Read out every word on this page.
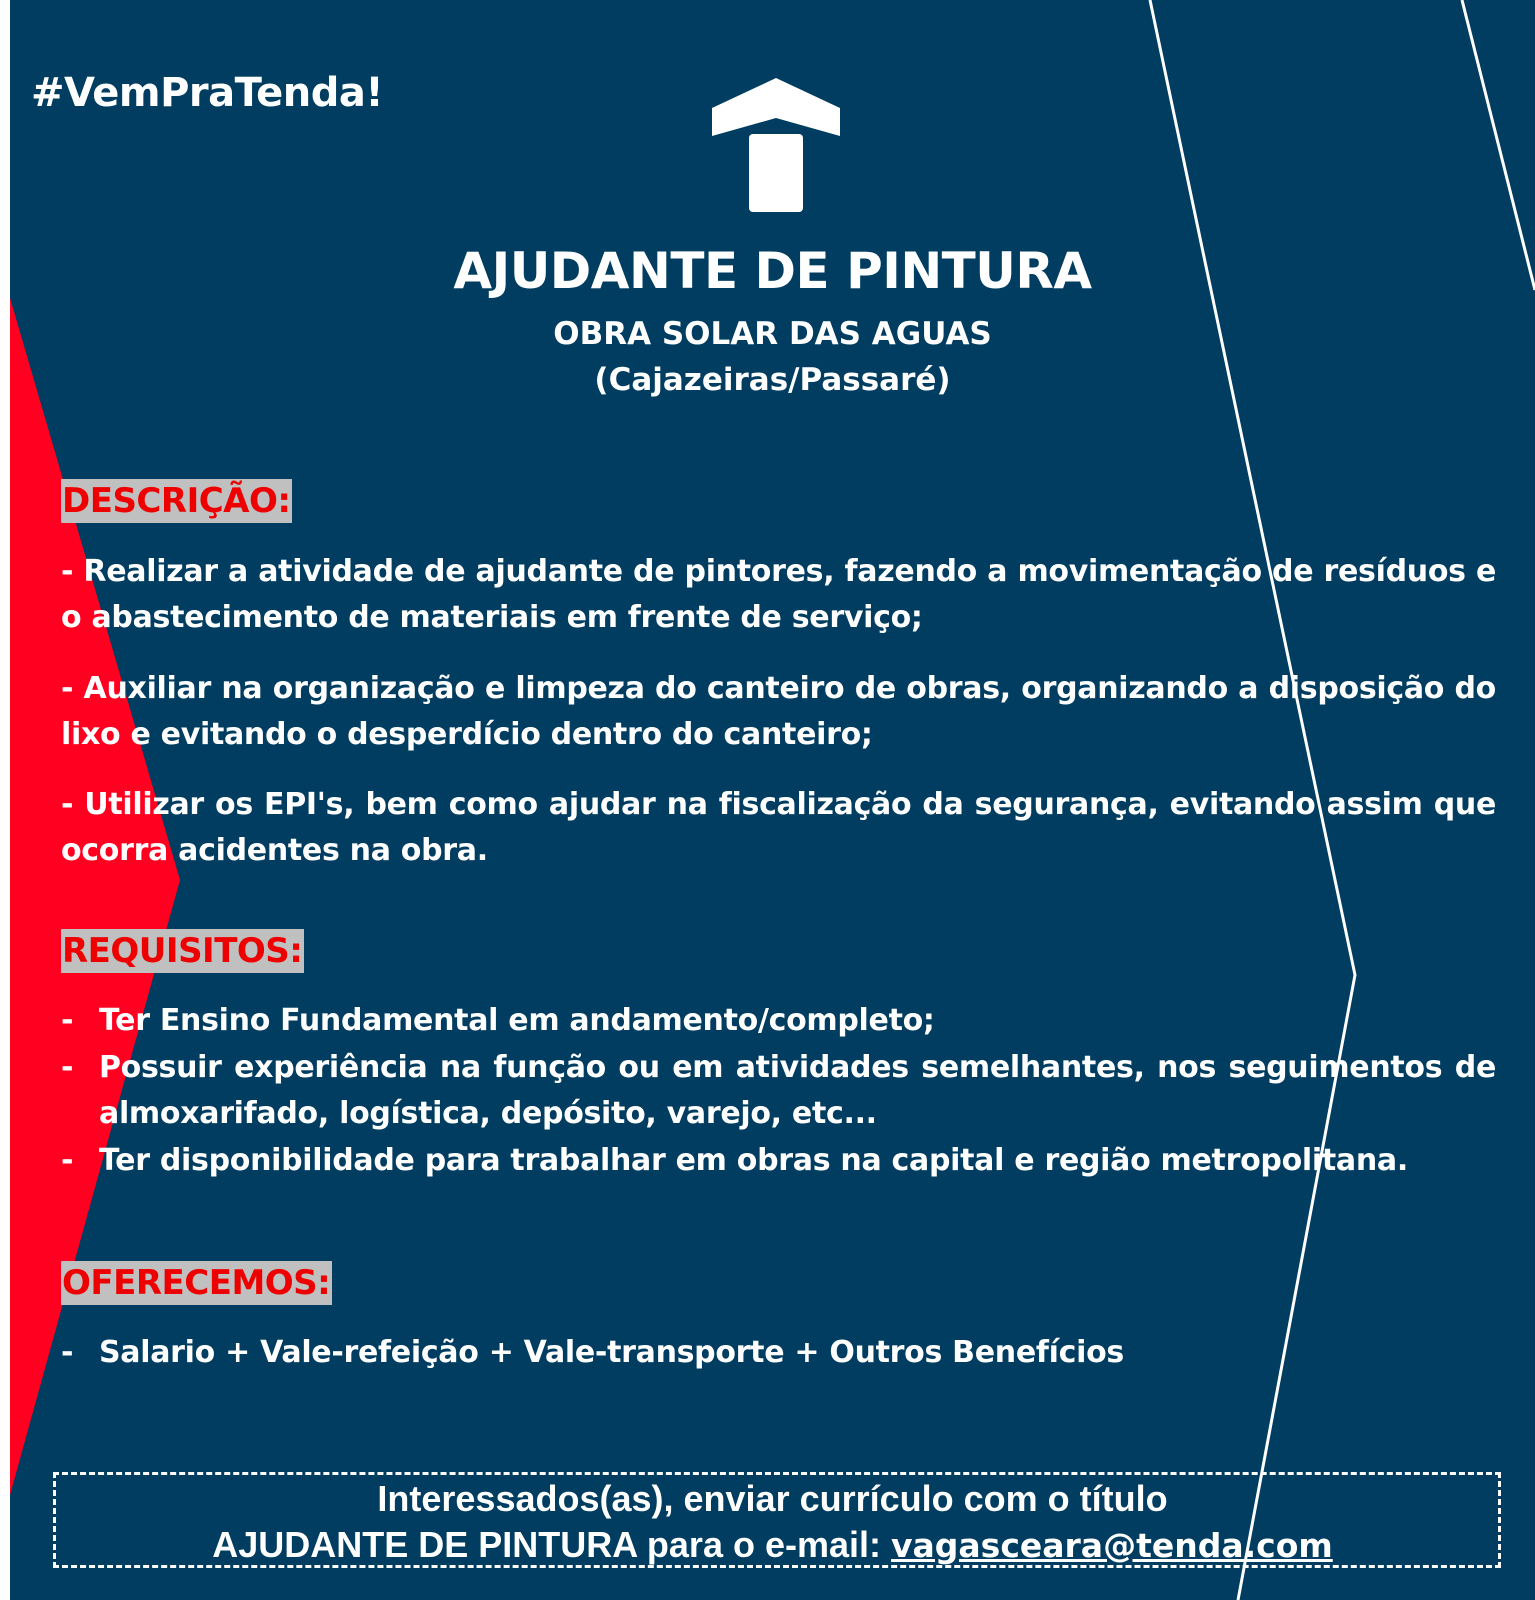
#VemPraTenda!
AJUDANTE DE PINTURA
OBRA SOLAR DAS AGUAS
(Cajazeiras/Passaré)
DESCRIÇÃO:
- Realizar a atividade de ajudante de pintores, fazendo a movimentação de resíduos e o abastecimento de materiais em frente de serviço;
- Auxiliar na organização e limpeza do canteiro de obras, organizando a disposição do lixo e evitando o desperdício dentro do canteiro;
- Utilizar os EPI's, bem como ajudar na fiscalização da segurança, evitando assim que ocorra acidentes na obra.
REQUISITOS:
- Ter Ensino Fundamental em andamento/completo;
- Possuir experiência na função ou em atividades semelhantes, nos seguimentos de almoxarifado, logística, depósito, varejo, etc...
- Ter disponibilidade para trabalhar em obras na capital e região metropolitana.
OFERECEMOS:
- Salario + Vale-refeição + Vale-transporte + Outros Benefícios
Interessados(as), enviar currículo com o título
AJUDANTE DE PINTURA para o e-mail: vagasceara@tenda.com
